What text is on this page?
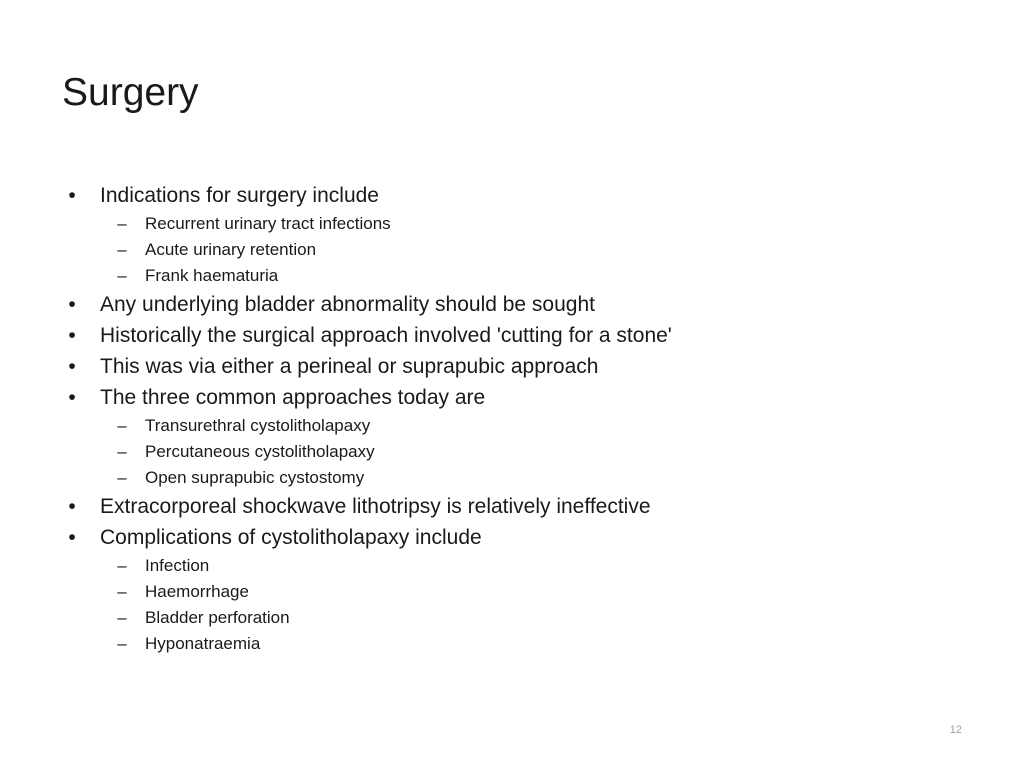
Surgery
•	Indications for surgery include
–	Recurrent urinary tract infections
–	Acute urinary retention
–	Frank haematuria
•	Any underlying bladder abnormality should be sought
•	Historically the surgical approach involved 'cutting for a stone'
•	This was via either a perineal or suprapubic approach
•	The three common approaches today are
–	Transurethral cystolitholapaxy
–	Percutaneous cystolitholapaxy
–	Open suprapubic cystostomy
•	Extracorporeal shockwave lithotripsy is relatively ineffective
•	Complications of cystolitholapaxy include
–	Infection
–	Haemorrhage
–	Bladder perforation
–	Hyponatraemia
12
